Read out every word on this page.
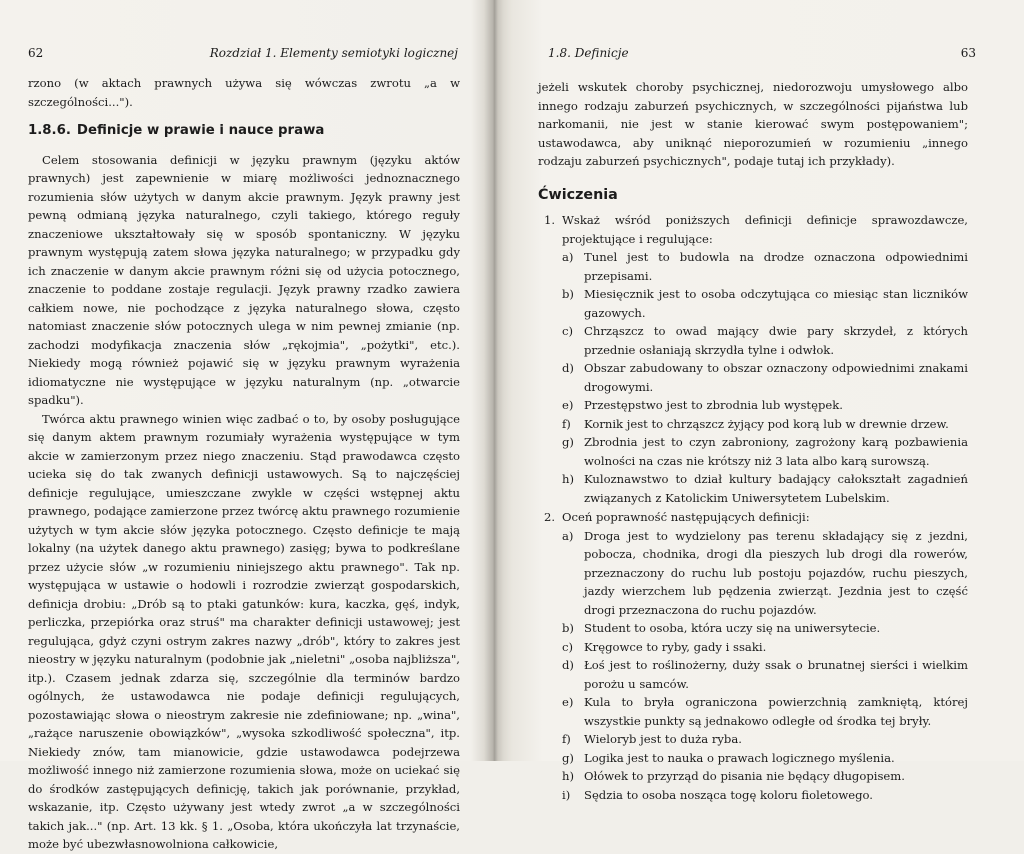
62	Rozdział 1. Elementy semiotyki logicznej

rzono (w aktach prawnych używa się wówczas zwrotu „a w szczególności...").

1.8.6. Definicje w prawie i nauce prawa

Celem stosowania definicji w języku prawnym (języku aktów prawnych) jest zapewnienie w miarę możliwości jednoznacznego rozumienia słów użytych w danym akcie prawnym. Język prawny jest pewną odmianą języka naturalnego, czyli takiego, którego reguły znaczeniowe ukształtowały się w sposób spontaniczny. W języku prawnym występują zatem słowa języka naturalnego; w przypadku gdy ich znaczenie w danym akcie prawnym różni się od użycia potocznego, znaczenie to poddane zostaje regulacji. Język prawny rzadko zawiera całkiem nowe, nie pochodzące z języka naturalnego słowa, często natomiast znaczenie słów potocznych ulega w nim pewnej zmianie (np. zachodzi modyfikacja znaczenia słów „rękojmia", „pożytki", etc.). Niekiedy mogą również pojawić się w języku prawnym wyrażenia idiomatyczne nie występujące w języku naturalnym (np. „otwarcie spadku").

Twórca aktu prawnego winien więc zadbać o to, by osoby posługujące się danym aktem prawnym rozumiały wyrażenia występujące w tym akcie w zamierzonym przez niego znaczeniu. Stąd prawodawca często uciekа się do tak zwanych definicji ustawowych. Są to najczęściej definicje regulujące, umieszczane zwykle w części wstępnej aktu prawnego, podające zamierzone przez twórcę aktu prawnego rozumienie użytych w tym akcie słów języka potocznego. Często definicje te mają lokalny (na użytek danego aktu prawnego) zasięg; bywa to podkreślane przez użycie słów „w rozumieniu niniejszego aktu prawnego". Tak np. występująca w ustawie o hodowli i rozrodzie zwierząt gospodarskich, definicja drobiu: „Drób są to ptaki gatunków: kura, kaczka, gęś, indyk, perliczka, przepiórka oraz struś" ma charakter definicji ustawowej; jest regulująca, gdyż czyni ostrym zakres nazwy „drób", który to zakres jest nieostry w języku naturalnym (podobnie jak „nieletni" „osoba najbliższa", itp.). Czasem jednak zdarza się, szczególnie dla terminów bardzo ogólnych, że ustawodawca nie podaje definicji regulujących, pozostawiając słowa o nieostrym zakresie nie zdefiniowane; np. „wina", „rażące naruszenie obowiązków", „wysoka szkodliwość społeczna", itp. Niekiedy znów, tam mianowicie, gdzie ustawodawca podejrzewa możliwość innego niż zamierzone rozumienia słowa, może on uciekać się do środków zastępujących definicję, takich jak porównanie, przykład, wskazanie, itp. Często używany jest wtedy zwrot „a w szczególności takich jak..." (np. Art. 13 kk. § 1. „Osoba, która ukończyła lat trzynaście, może być ubezwłasnowolniona całkowicie,

1.8. Definicje	63

jeżeli wskutek choroby psychicznej, niedorozwoju umysłowego albo innego rodzaju zaburzeń psychicznych, w szczególności pijaństwa lub narkomanii, nie jest w stanie kierować swym postępowaniem"; ustawodawca, aby uniknąć nieporozumień w rozumieniu „innego rodzaju zaburzeń psychicznych", podaje tutaj ich przykłady).

Ćwiczenia
1. Wskaż wśród poniższych definicji definicje sprawozdawcze, projektujące i regulujące:
a) Tunel jest to budowla na drodze oznaczona odpowiednimi przepisami.
b) Miesięcznik jest to osoba odczytująca co miesiąc stan liczników gazowych.
c) Chrząszcz to owad mający dwie pary skrzydeł, z których przednie osłaniają skrzydła tylne i odwłok.
d) Obszar zabudowany to obszar oznaczony odpowiednimi znakami drogowymi.
e) Przestępstwo jest to zbrodnia lub występek.
f) Kornik jest to chrząszcz żyjący pod korą lub w drewnie drzew.
g) Zbrodnia jest to czyn zabroniony, zagrożony karą pozbawienia wolności na czas nie krótszy niż 3 lata albo karą surowszą.
h) Kuloznawstwo to dział kultury badający całokształt zagadnień związanych z Katolickim Uniwersytetem Lubelskim.
2. Oceń poprawność następujących definicji:
a) Droga jest to wydzielony pas terenu składający się z jezdni, pobocza, chodnika, drogi dla pieszych lub drogi dla rowerów, przeznaczony do ruchu lub postoju pojazdów, ruchu pieszych, jazdy wierzchem lub pędzenia zwierząt. Jezdnia jest to część drogi przeznaczona do ruchu pojazdów.
b) Student to osoba, która uczy się na uniwersytecie.
c) Kręgowce to ryby, gady i ssaki.
d) Łoś jest to roślinożerny, duży ssak o brunatnej sierści i wielkim porożu u samców.
e) Kula to bryła ograniczona powierzchnią zamkniętą, której wszystkie punkty są jednakowo odległe od środka tej bryły.
f) Wieloryb jest to duża ryba.
g) Logika jest to nauka o prawach logicznego myślenia.
h) Ołówek to przyrząd do pisania nie będący długopisem.
i) Sędzia to osoba nosząca togę koloru fioletowego.
